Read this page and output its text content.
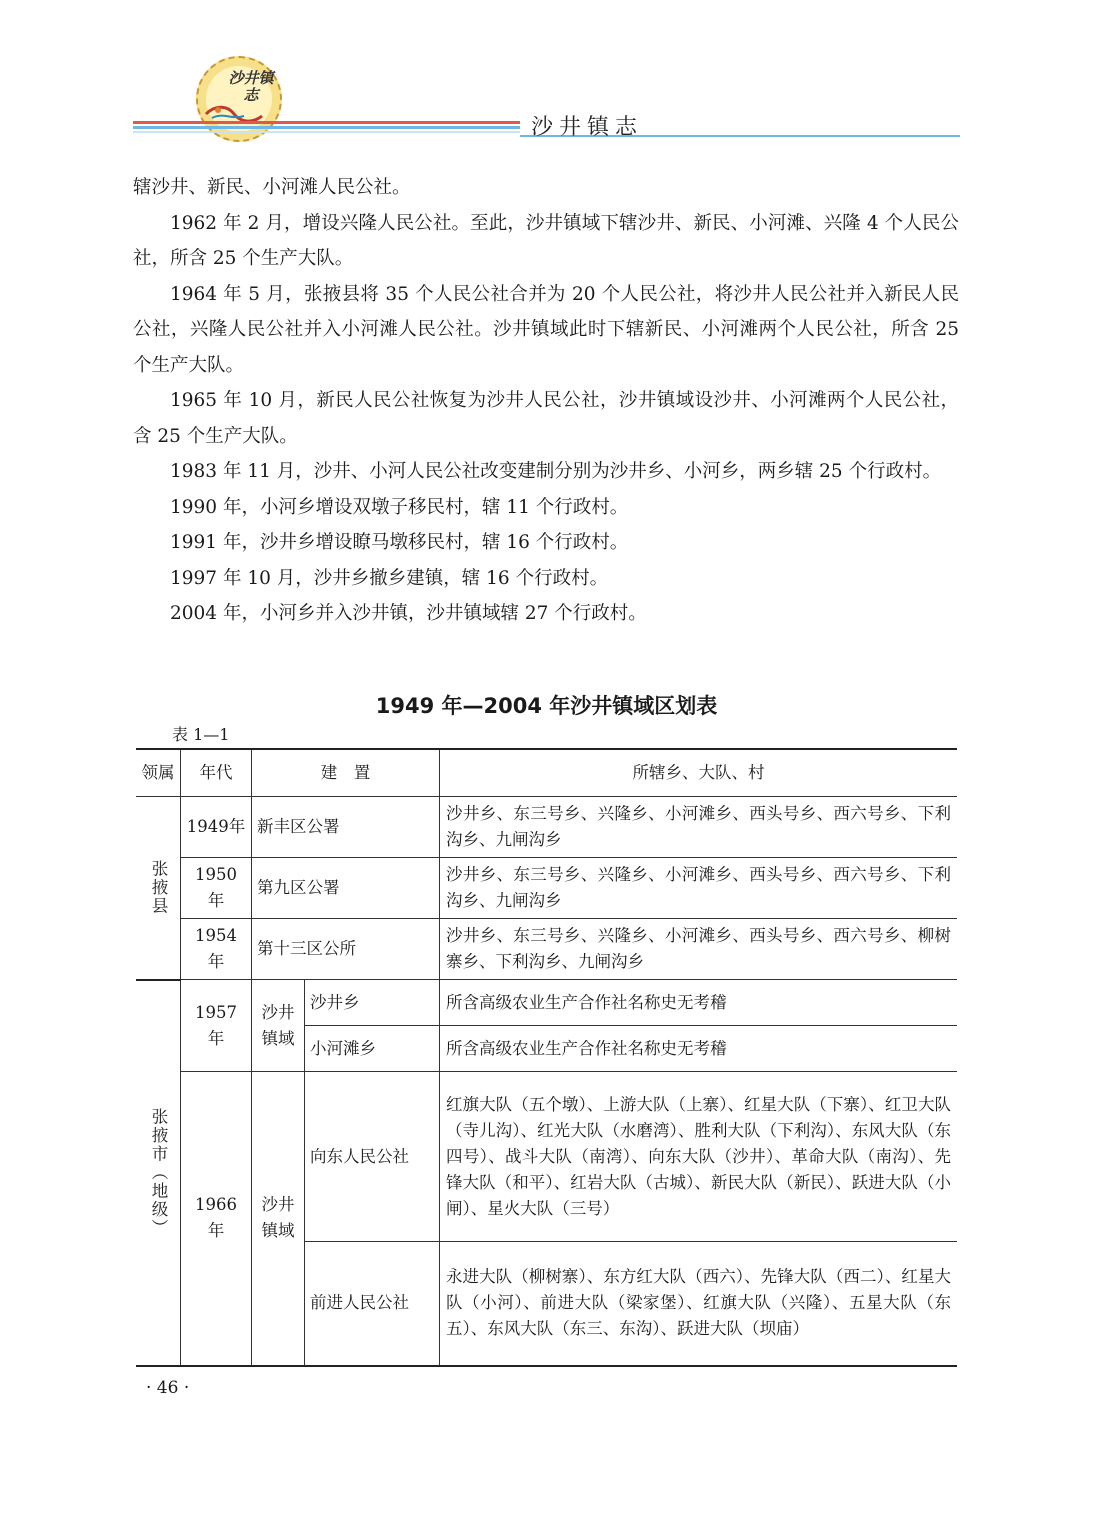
沙井镇志
沙井镇志

辖沙井、新民、小河滩人民公社。

1962 年 2 月，增设兴隆人民公社。至此，沙井镇域下辖沙井、新民、小河滩、兴隆 4 个人民公社，所含 25 个生产大队。

1964 年 5 月，张掖县将 35 个人民公社合并为 20 个人民公社，将沙井人民公社并入新民人民公社，兴隆人民公社并入小河滩人民公社。沙井镇域此时下辖新民、小河滩两个人民公社，所含 25 个生产大队。

1965 年 10 月，新民人民公社恢复为沙井人民公社，沙井镇域设沙井、小河滩两个人民公社，含 25 个生产大队。

1983 年 11 月，沙井、小河人民公社改变建制分别为沙井乡、小河乡，两乡辖 25 个行政村。

1990 年，小河乡增设双墩子移民村，辖 11 个行政村。

1991 年，沙井乡增设瞭马墩移民村，辖 16 个行政村。

1997 年 10 月，沙井乡撤乡建镇，辖 16 个行政村。

2004 年，小河乡并入沙井镇，沙井镇域辖 27 个行政村。

1949 年—2004 年沙井镇域区划表
表 1—1
领属	年代	建　置		所辖乡、大队、村

张掖县	1949年	新丰区公署		沙井乡、东三号乡、兴隆乡、小河滩乡、西头号乡、西六号乡、下利沟乡、九闸沟乡
	1950 年	第九区公署		沙井乡、东三号乡、兴隆乡、小河滩乡、西头号乡、西六号乡、下利沟乡、九闸沟乡
	1954 年	第十三区公所		沙井乡、东三号乡、兴隆乡、小河滩乡、西头号乡、西六号乡、柳树寨乡、下利沟乡、九闸沟乡

张掖市（地级）	1957 年	沙井镇域	沙井乡	所含高级农业生产合作社名称史无考稽
			小河滩乡	所含高级农业生产合作社名称史无考稽
	1966 年	沙井镇域	向东人民公社	红旗大队（五个墩）、上游大队（上寨）、红星大队（下寨）、红卫大队（寺儿沟）、红光大队（水磨湾）、胜利大队（下利沟）、东风大队（东四号）、战斗大队（南湾）、向东大队（沙井）、革命大队（南沟）、先锋大队（和平）、红岩大队（古城）、新民大队（新民）、跃进大队（小闸）、星火大队（三号）
			前进人民公社	永进大队（柳树寨）、东方红大队（西六）、先锋大队（西二）、红星大队（小河）、前进大队（梁家堡）、红旗大队（兴隆）、五星大队（东五）、东风大队（东三、东沟）、跃进大队（坝庙）
· 46 ·
